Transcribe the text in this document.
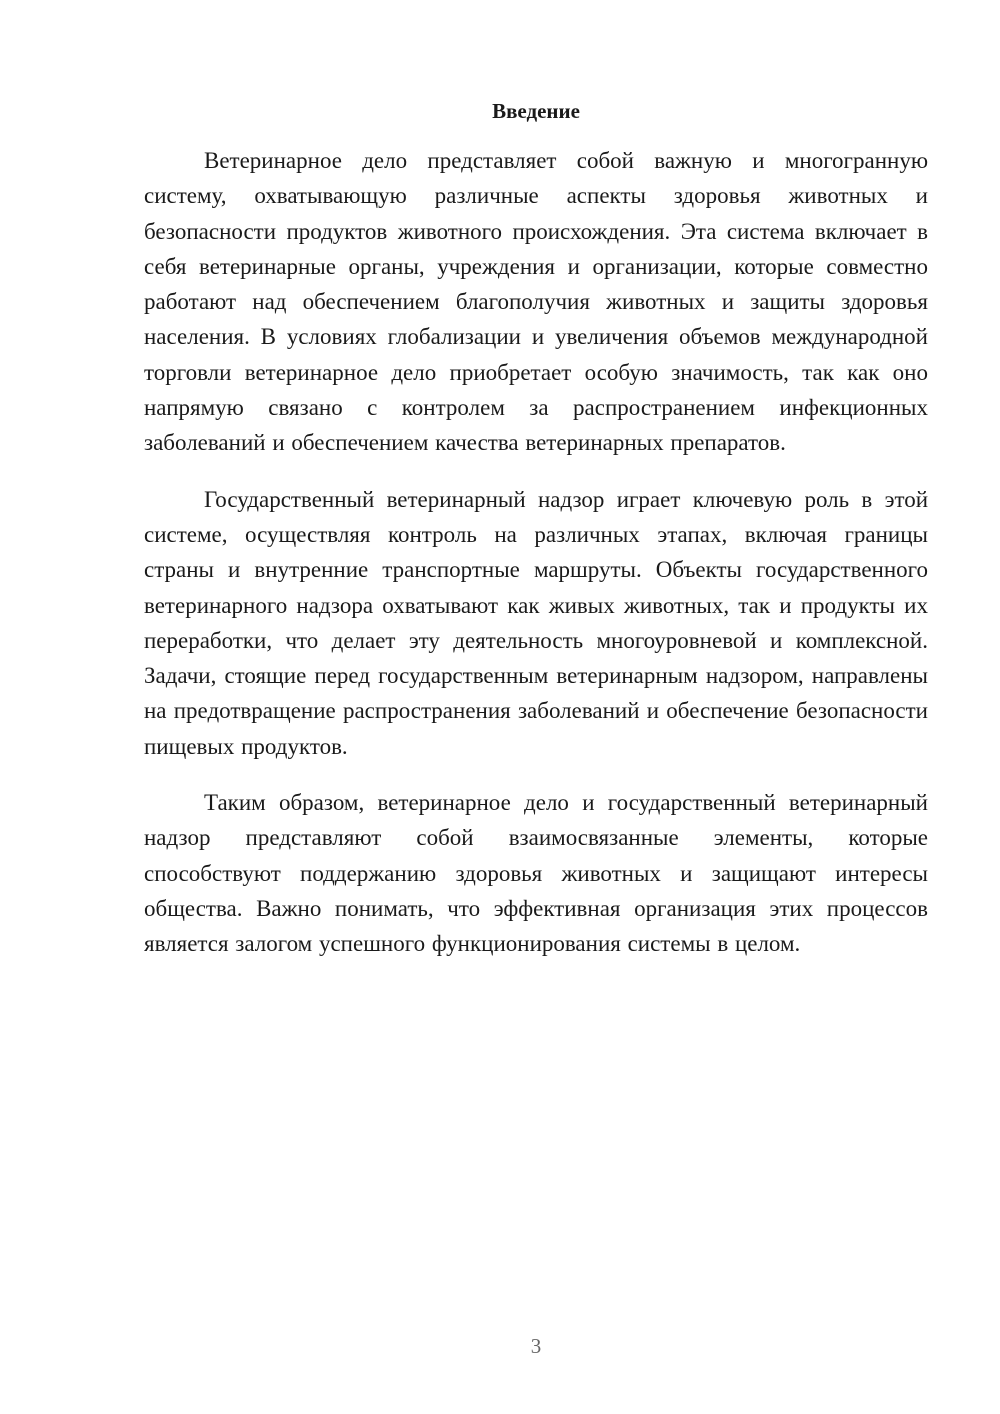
Введение

Ветеринарное дело представляет собой важную и многогранную систему, охватывающую различные аспекты здоровья животных и безопасности продуктов животного происхождения. Эта система включает в себя ветеринарные органы, учреждения и организации, которые совместно работают над обеспечением благополучия животных и защиты здоровья населения. В условиях глобализации и увеличения объемов международной торговли ветеринарное дело приобретает особую значимость, так как оно напрямую связано с контролем за распространением инфекционных заболеваний и обеспечением качества ветеринарных препаратов.

Государственный ветеринарный надзор играет ключевую роль в этой системе, осуществляя контроль на различных этапах, включая границы страны и внутренние транспортные маршруты. Объекты государственного ветеринарного надзора охватывают как живых животных, так и продукты их переработки, что делает эту деятельность многоуровневой и комплексной. Задачи, стоящие перед государственным ветеринарным надзором, направлены на предотвращение распространения заболеваний и обеспечение безопасности пищевых продуктов.

Таким образом, ветеринарное дело и государственный ветеринарный надзор представляют собой взаимосвязанные элементы, которые способствуют поддержанию здоровья животных и защищают интересы общества. Важно понимать, что эффективная организация этих процессов является залогом успешного функционирования системы в целом.

3
